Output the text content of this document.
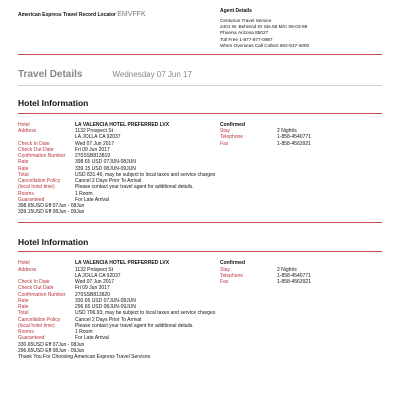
American Express Travel Record Locator EMVFFK	Agent Details
Centurion Travel Service
2401 W. Behrend Dr Ste.55 M/C 08-03-69
Phoenix Arizona 85027
Toll Free 1-877-877-0987
When Overseas Call Collect 602-537-4000
Travel Details	Wednesday 07 Jun 17
Hotel Information
Hotel	LA VALENCIA HOTEL PREFERRED LVX
Address	1132 Prospect St
LA JOLLA CA 92037
Check In Date	Wed 07 Jun 2017
Check Out Date	Fri 09 Jun 2017
Confirmation Number	270SSB813819
Rate	398.65 USD 07JUN-08JUN
Rate	339.15 USD 08JUN-09JUN
Total	USD 831.46, may be subject to local taxes and service charges
Cancellation Policy	Cancel 2 Days Prior To Arrival
(local hotel time)	Please contact your travel agent for additional details.
Rooms	1 Room
Guaranteed	For Late Arrival
398.65USD Eff 07Jun - 08Jun
339.15USD Eff 08Jun - 09Jun
Confirmed
Stay	2 Night/s
Telephone	1-858-4540771
Fax	1-858-4563921
Hotel Information
Hotel	LA VALENCIA HOTEL PREFERRED LVX
Address	1132 Prospect St
LA JOLLA CA 92037
Check In Date	Wed 07 Jun 2017
Check Out Date	Fri 09 Jun 2017
Confirmation Number	270SSB813820
Rate	330.65 USD 07JUN-08JUN
Rate	296.65 USD 08JUN-09JUN
Total	USD 706.93, may be subject to local taxes and service charges
Cancellation Policy	Cancel 2 Days Prior To Arrival
(local hotel time)	Please contact your travel agent for additional details.
Rooms	1 Room
Guaranteed	For Late Arrival
330.65USD Eff 07Jun - 08Jun
296.65USD Eff 08Jun - 09Jun
Thank You For Choosing American Express Travel Services
Confirmed
Stay	2 Night/s
Telephone	1-858-4540771
Fax	1-858-4563921
